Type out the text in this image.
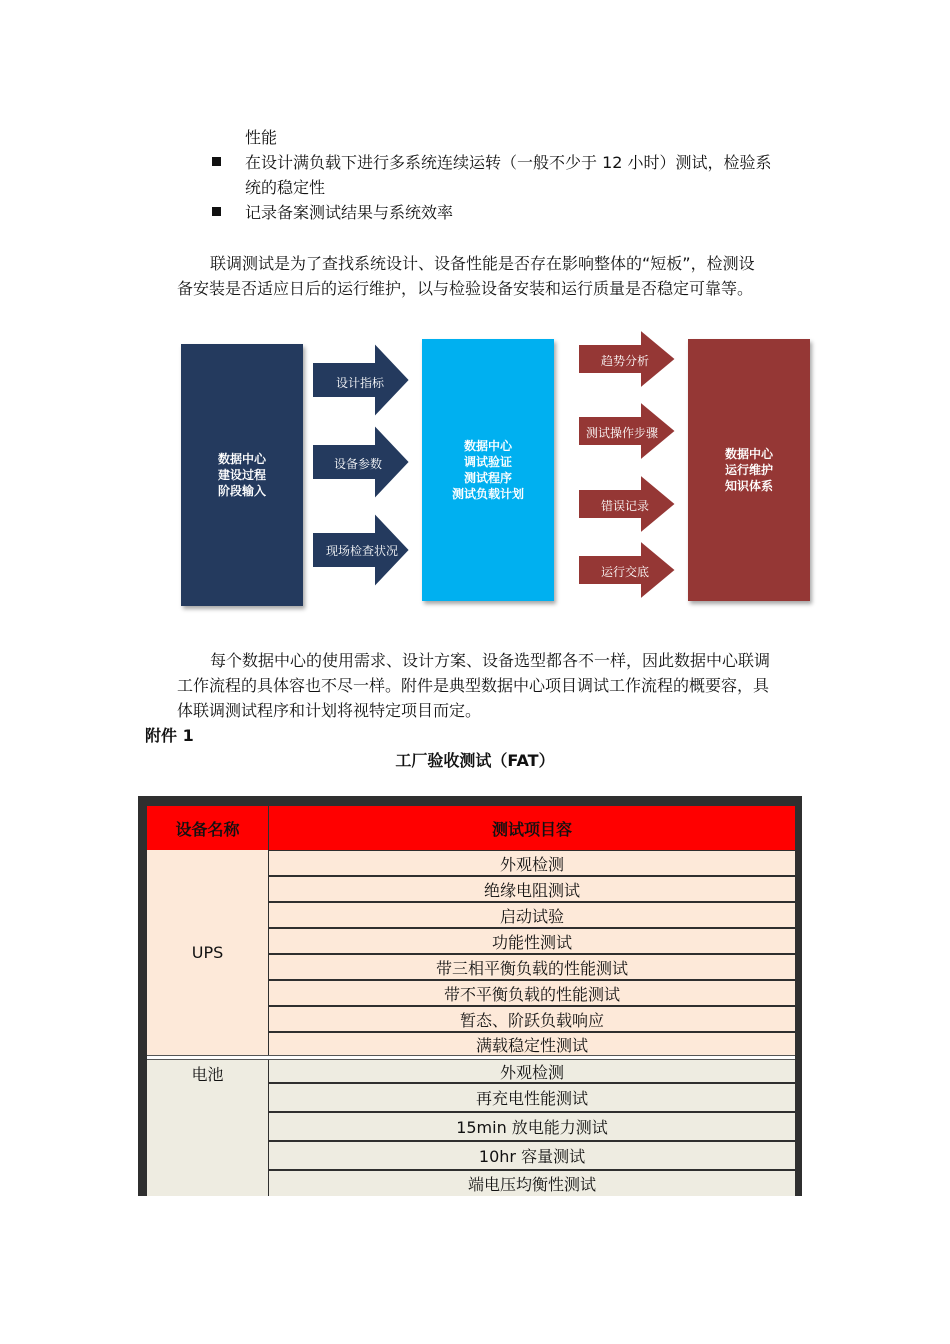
性能
在设计满负载下进行多系统连续运转（一般不少于 12 小时）测试，检验系
统的稳定性
记录备案测试结果与系统效率
联调测试是为了查找系统设计、设备性能是否存在影响整体的“短板”，检测设
备安装是否适应日后的运行维护，以与检验设备安装和运行质量是否稳定可靠等。
数据中心
建设过程
阶段输入
设计指标
设备参数
现场检查状况
数据中心
调试验证
测试程序
测试负载计划
趋势分析
测试操作步骤
错误记录
运行交底
数据中心
运行维护
知识体系
每个数据中心的使用需求、设计方案、设备选型都各不一样，因此数据中心联调
工作流程的具体容也不尽一样。附件是典型数据中心项目调试工作流程的概要容，具
体联调测试程序和计划将视特定项目而定。
附件 1
工厂验收测试（FAT）
设备名称	测试项目容
UPS
外观检测
绝缘电阻测试
启动试验
功能性测试
带三相平衡负载的性能测试
带不平衡负载的性能测试
暂态、阶跃负载响应
满载稳定性测试
电池	外观检测
再充电性能测试
15min 放电能力测试
10hr 容量测试
端电压均衡性测试
